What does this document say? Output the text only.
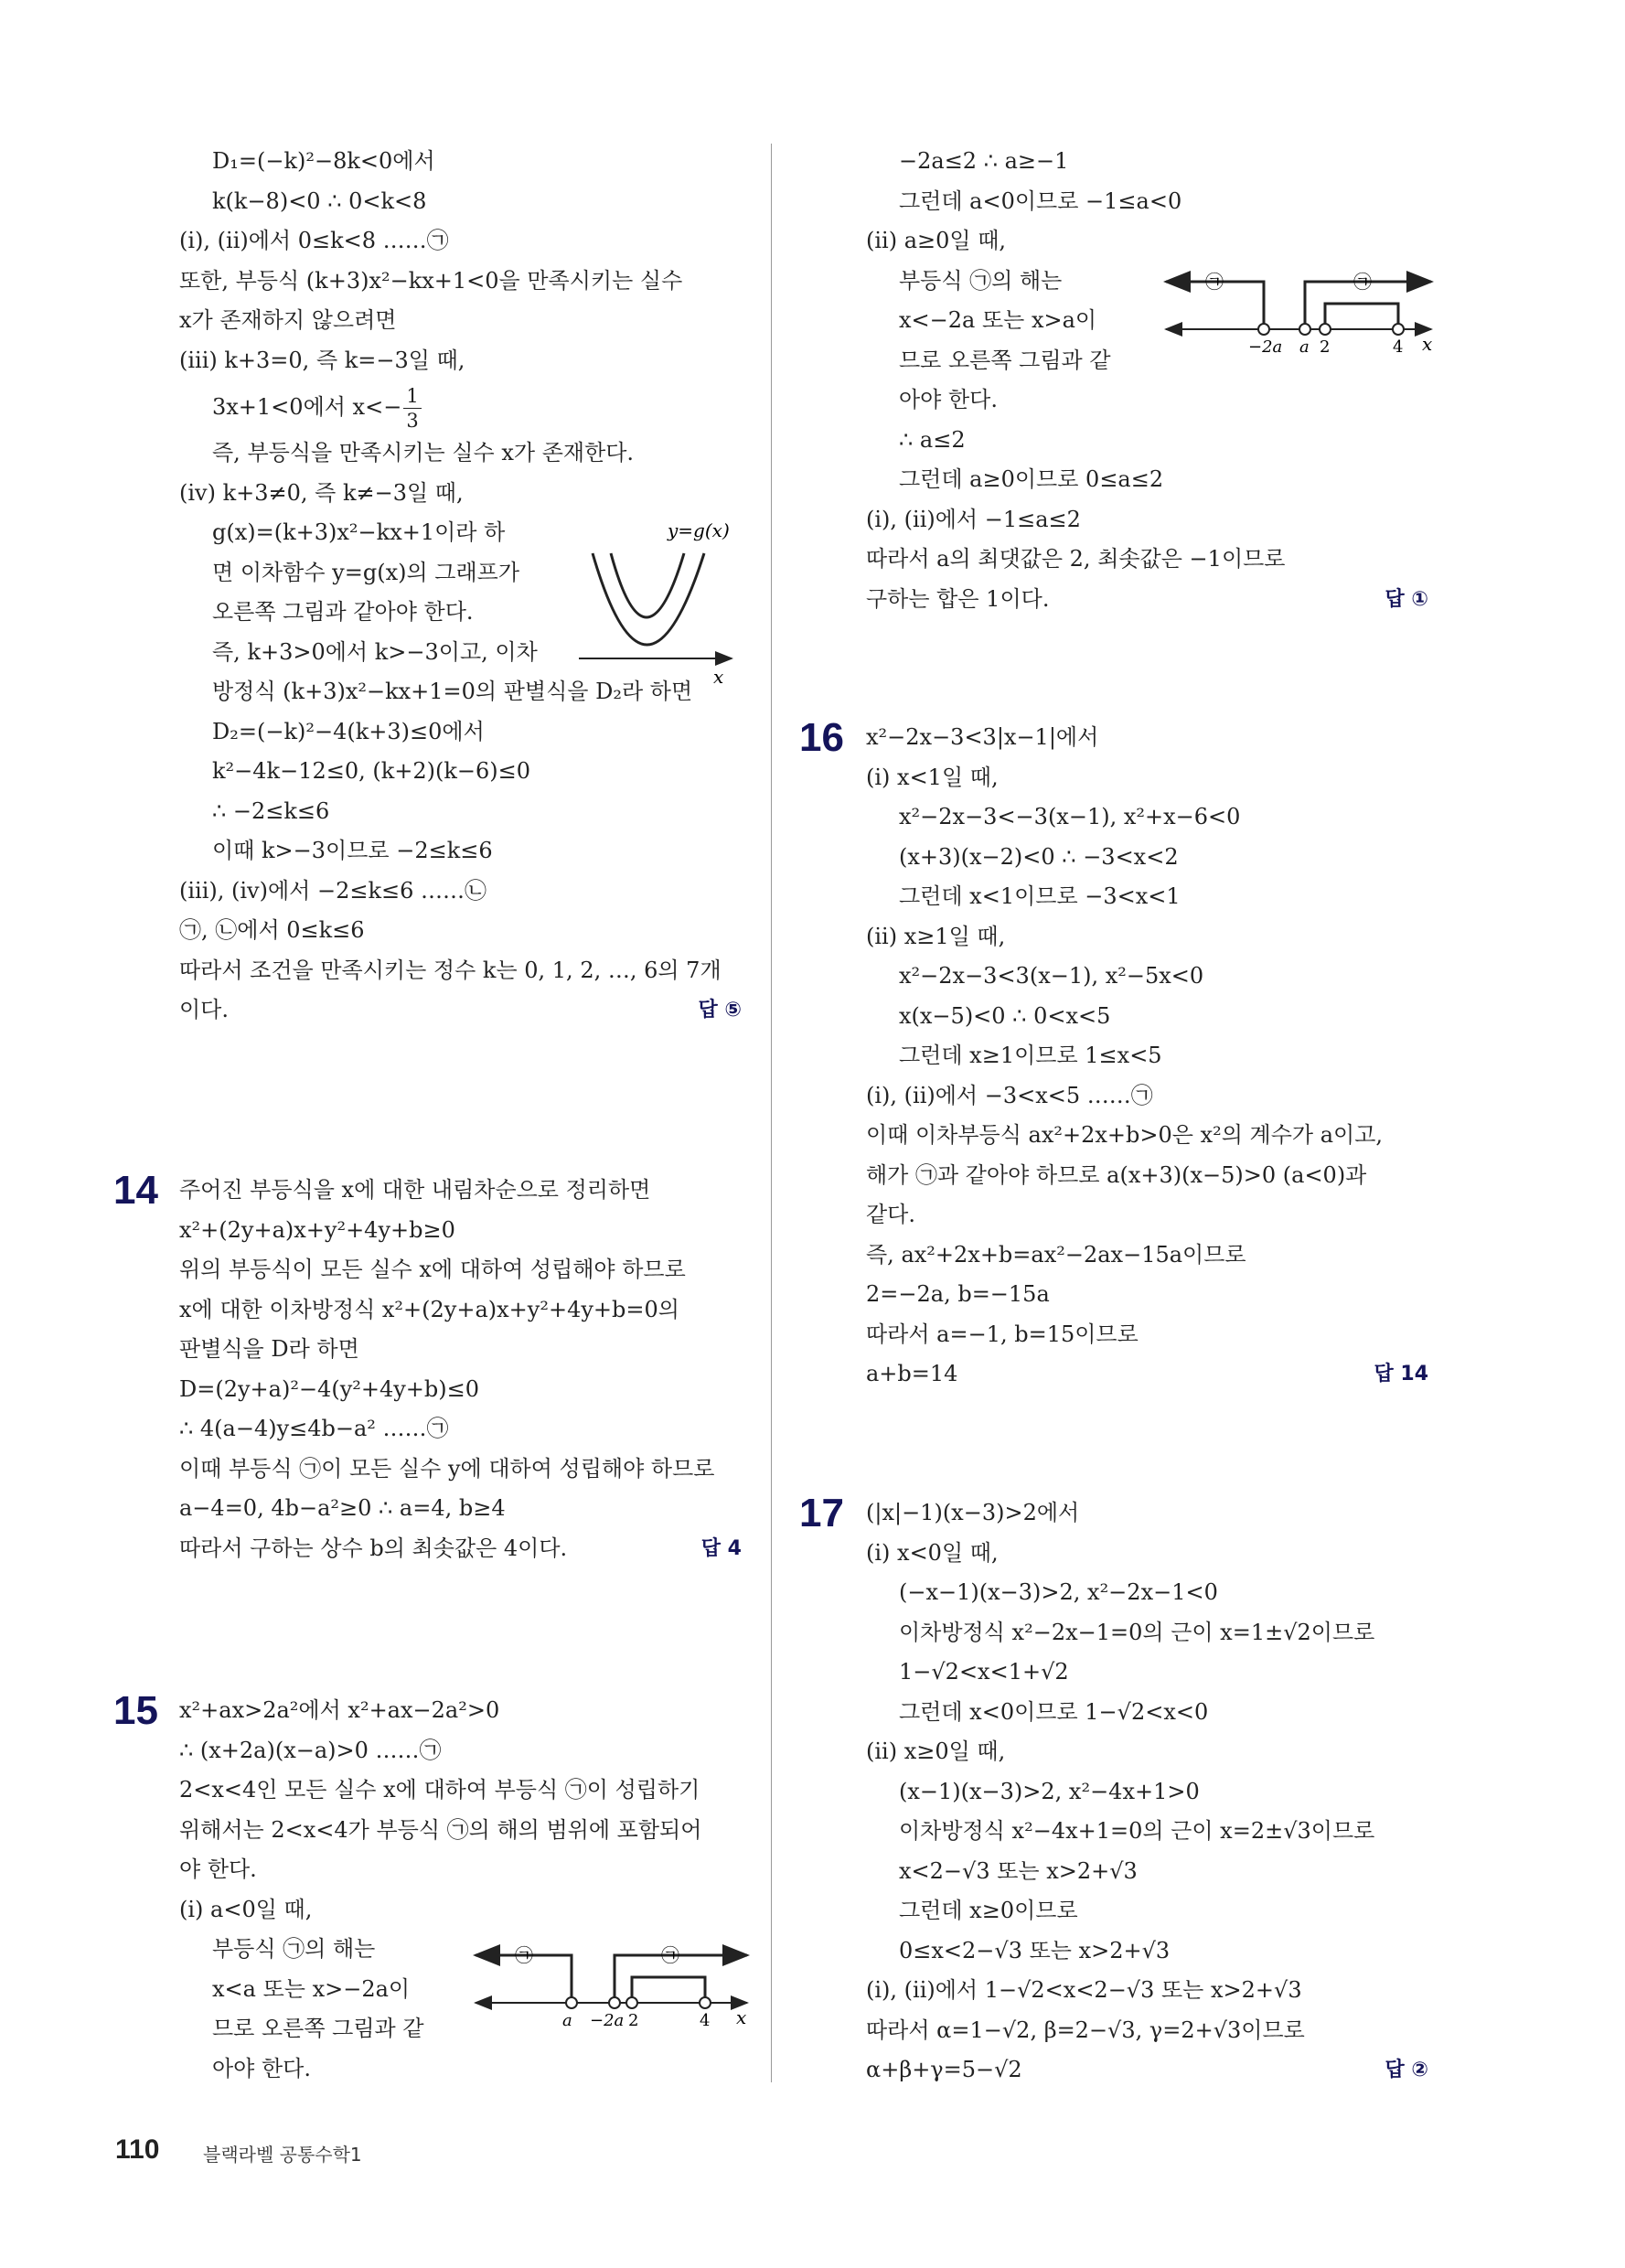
D₁=(−k)²−8k<0에서
k(k−8)<0 ∴ 0<k<8
(i), (ii)에서 0≤k<8 ……㉠
또한, 부등식 (k+3)x²−kx+1<0을 만족시키는 실수
x가 존재하지 않으려면
(iii) k+3=0, 즉 k=−3일 때,
3x+1<0에서 $x<- \frac{1}{3}$
즉, 부등식을 만족시키는 실수 x가 존재한다.
(iv) k+3≠0, 즉 k≠−3일 때,
g(x)=(k+3)x²−kx+1이라 하
면 이차함수 y=g(x)의 그래프가
오른쪽 그림과 같아야 한다.
즉, k+3>0에서 k>−3이고, 이차
방정식 (k+3)x²−kx+1=0의 판별식을 D₂라 하면
D₂=(−k)²−4(k+3)≤0에서
k²−4k−12≤0, (k+2)(k−6)≤0
∴ −2≤k≤6
이때 k>−3이므로 −2≤k≤6
(iii), (iv)에서 −2≤k≤6 ……㉡
㉠, ㉡에서 0≤k≤6
따라서 조건을 만족시키는 정수 k는 0, 1, 2, …, 6의 7개
이다.	답 ⑤
14 주어진 부등식을 x에 대한 내림차순으로 정리하면
x²+(2y+a)x+y²+4y+b≥0
위의 부등식이 모든 실수 x에 대하여 성립해야 하므로
x에 대한 이차방정식 x²+(2y+a)x+y²+4y+b=0의
판별식을 D라 하면
D=(2y+a)²−4(y²+4y+b)≤0
∴ 4(a−4)y≤4b−a² ……㉠
이때 부등식 ㉠이 모든 실수 y에 대하여 성립해야 하므로
a−4=0, 4b−a²≥0 ∴ a=4, b≥4
따라서 구하는 상수 b의 최솟값은 4이다.	답 4
15 x²+ax>2a²에서 x²+ax−2a²>0
∴ (x+2a)(x−a)>0 ……㉠
2<x<4인 모든 실수 x에 대하여 부등식 ㉠이 성립하기
위해서는 2<x<4가 부등식 ㉠의 해의 범위에 포함되어
야 한다.
(i) a<0일 때,
부등식 ㉠의 해는
x<a 또는 x>−2a이
므로 오른쪽 그림과 같
아야 한다.
−2a≤2 ∴ a≥−1
그런데 a<0이므로 −1≤a<0
(ii) a≥0일 때,
부등식 ㉠의 해는
x<−2a 또는 x>a이
므로 오른쪽 그림과 같
아야 한다.
∴ a≤2
그런데 a≥0이므로 0≤a≤2
(i), (ii)에서 −1≤a≤2
따라서 a의 최댓값은 2, 최솟값은 −1이므로
구하는 합은 1이다.	답 ①
16 x²−2x−3<3|x−1|에서
(i) x<1일 때,
x²−2x−3<−3(x−1), x²+x−6<0
(x+3)(x−2)<0 ∴ −3<x<2
그런데 x<1이므로 −3<x<1
(ii) x≥1일 때,
x²−2x−3<3(x−1), x²−5x<0
x(x−5)<0 ∴ 0<x<5
그런데 x≥1이므로 1≤x<5
(i), (ii)에서 −3<x<5 ……㉠
이때 이차부등식 ax²+2x+b>0은 x²의 계수가 a이고,
해가 ㉠과 같아야 하므로 a(x+3)(x−5)>0 (a<0)과
같다.
즉, ax²+2x+b=ax²−2ax−15a이므로
2=−2a, b=−15a
따라서 a=−1, b=15이므로
a+b=14	답 14
17 (|x|−1)(x−3)>2에서
(i) x<0일 때,
(−x−1)(x−3)>2, x²−2x−1<0
이차방정식 x²−2x−1=0의 근이 x=1±√2이므로
1−√2<x<1+√2
그런데 x<0이므로 1−√2<x<0
(ii) x≥0일 때,
(x−1)(x−3)>2, x²−4x+1>0
이차방정식 x²−4x+1=0의 근이 x=2±√3이므로
x<2−√3 또는 x>2+√3
그런데 x≥0이므로
0≤x<2−√3 또는 x>2+√3
(i), (ii)에서 1−√2<x<2−√3 또는 x>2+√3
따라서 α=1−√2, β=2−√3, γ=2+√3이므로
α+β+γ=5−√2	답 ②
y=g(x)
x
㉠	㉠
−2a a 2	4 x
㉠	㉠
a −2a 2	4 x
110 블랙라벨 공통수학1
